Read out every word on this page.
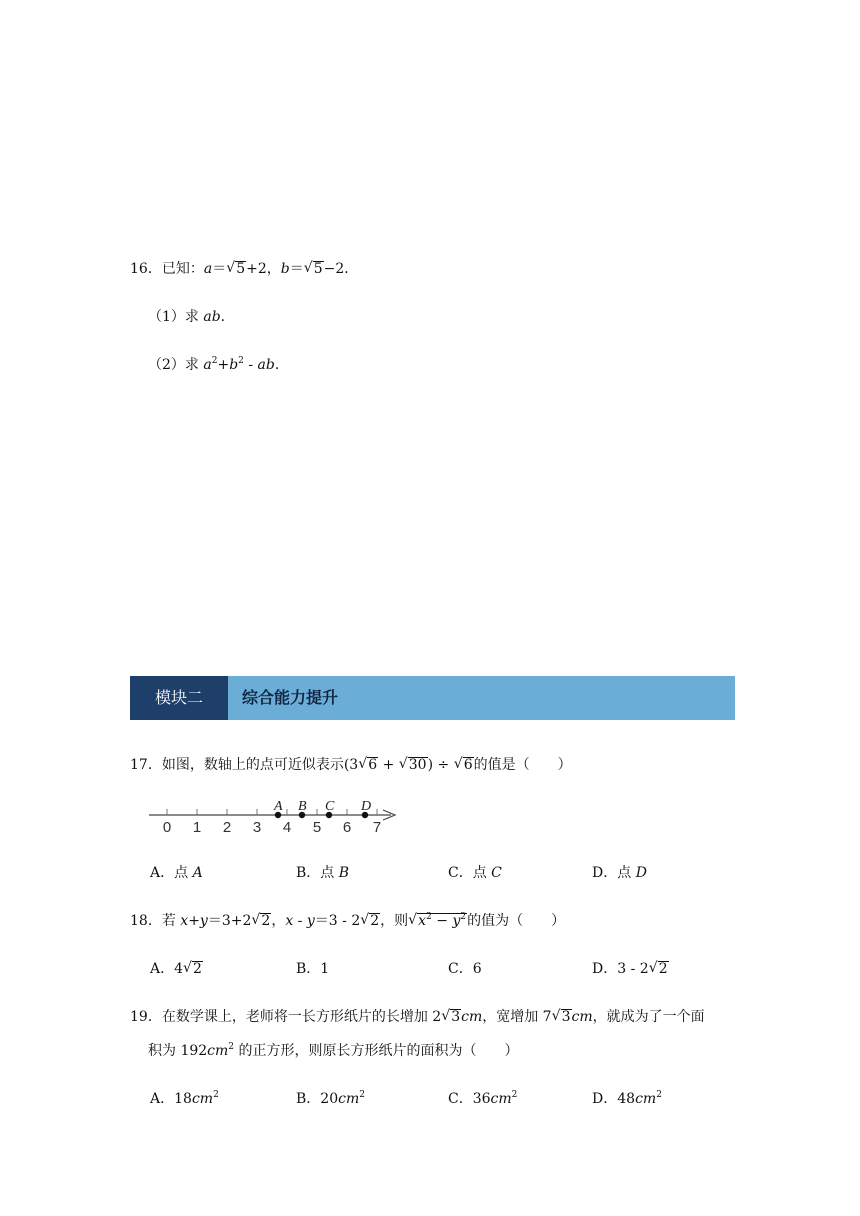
16．已知：a＝ √ 5+2，b＝ √ 5−2．
（1）求 ab．
（2）求 $a^2+b^2$ - ab．
模块二	综合能力提升
17．如图，数轴上的点可近似表示(3 √ 6 + √ 30) ÷ √ 6的值是（　　）
0 1 2 3 4 5 6 7
A B C D
A．点 A	B．点 B	C．点 C	D．点 D
18．若 x+y＝3+2 √ 2，x - y＝3 - 2 √ 2，则 √ $x^2 - y^2$的值为（　　）
A．4 √ 2	B．1	C．6	D．3 - 2 √ 2
19．在数学课上，老师将一长方形纸片的长增加 2 √ 3cm，宽增加 7 √ 3cm，就成为了一个面
积为 $192cm^2$ 的正方形，则原长方形纸片的面积为（　　）
A．$18cm^2$	B．$20cm^2$	C．$36cm^2$	D．$48cm^2$
